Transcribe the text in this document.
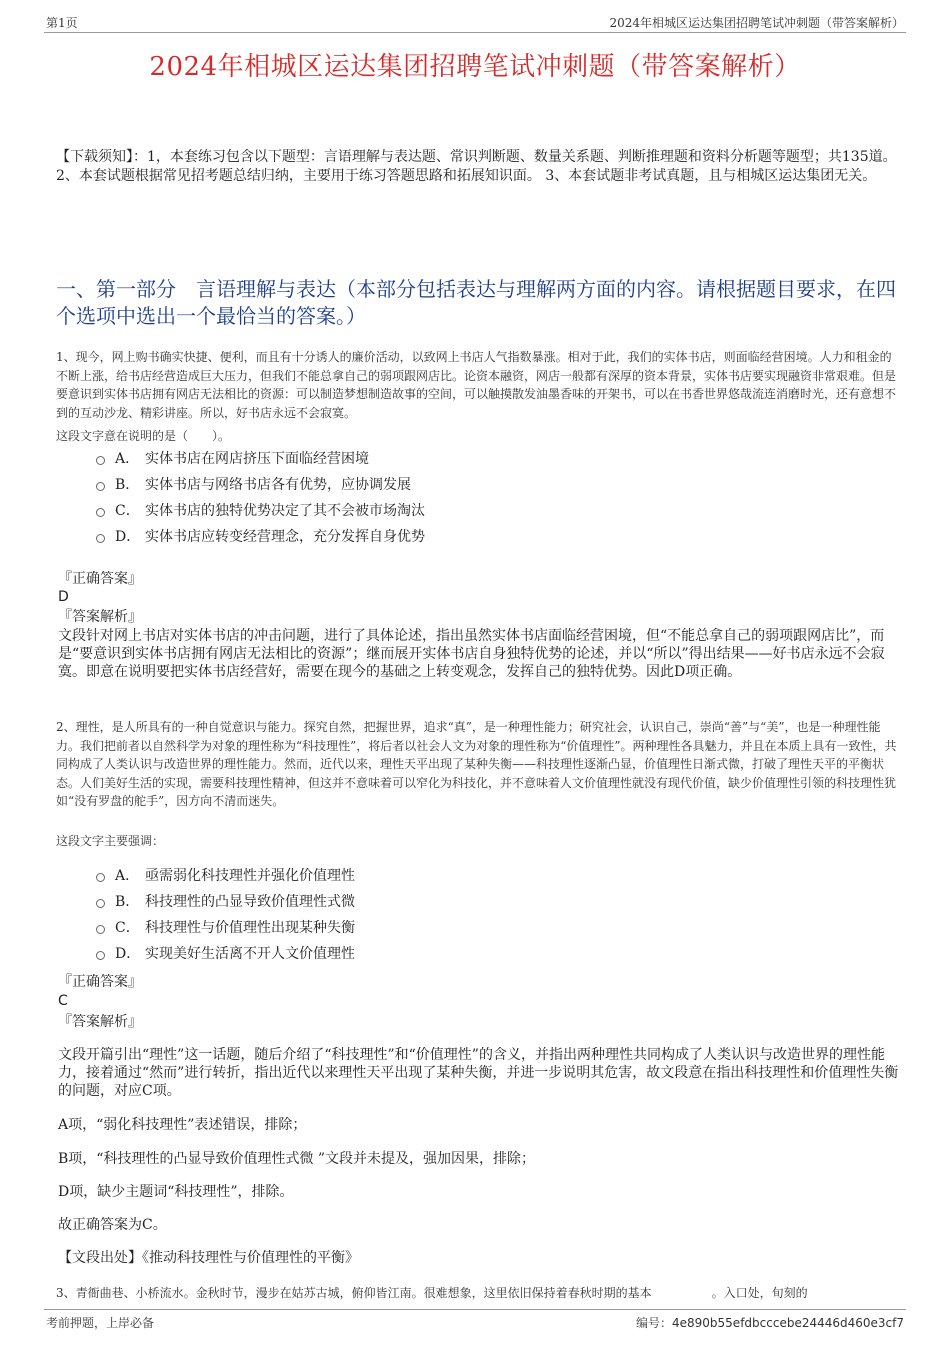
第1页	2024年相城区运达集团招聘笔试冲刺题（带答案解析）
2024年相城区运达集团招聘笔试冲刺题（带答案解析）
【下载须知】：1，本套练习包含以下题型：言语理解与表达题、常识判断题、数量关系题、判断推理题和资料分析题等题型；共135道。 2、本套试题根据常见招考题总结归纳，主要用于练习答题思路和拓展知识面。 3、本套试题非考试真题，且与相城区运达集团无关。
一、第一部分　言语理解与表达（本部分包括表达与理解两方面的内容。请根据题目要求，在四个选项中选出一个最恰当的答案。）
1、现今，网上购书确实快捷、便利，而且有十分诱人的廉价活动，以致网上书店人气指数暴涨。相对于此，我们的实体书店，则面临经营困境。人力和租金的不断上涨，给书店经营造成巨大压力，但我们不能总拿自己的弱项跟网店比。论资本融资，网店一般都有深厚的资本背景，实体书店要实现融资非常艰难。但是要意识到实体书店拥有网店无法相比的资源：可以制造梦想制造故事的空间，可以触摸散发油墨香味的开架书，可以在书香世界悠哉流连消磨时光，还有意想不到的互动沙龙、精彩讲座。所以，好书店永远不会寂寞。
这段文字意在说明的是（　　）。
A． 实体书店在网店挤压下面临经营困境
B． 实体书店与网络书店各有优势，应协调发展
C． 实体书店的独特优势决定了其不会被市场淘汰
D． 实体书店应转变经营理念，充分发挥自身优势
『正确答案』
D
『答案解析』
文段针对网上书店对实体书店的冲击问题，进行了具体论述，指出虽然实体书店面临经营困境，但“不能总拿自己的弱项跟网店比”，而是“要意识到实体书店拥有网店无法相比的资源”；继而展开实体书店自身独特优势的论述，并以“所以”得出结果——好书店永远不会寂寞。即意在说明要把实体书店经营好，需要在现今的基础之上转变观念，发挥自己的独特优势。因此D项正确。
2、理性，是人所具有的一种自觉意识与能力。探究自然，把握世界，追求“真”，是一种理性能力；研究社会，认识自己，崇尚“善”与“美”，也是一种理性能力。我们把前者以自然科学为对象的理性称为“科技理性”，将后者以社会人文为对象的理性称为“价值理性”。两种理性各具魅力，并且在本质上具有一致性，共同构成了人类认识与改造世界的理性能力。然而，近代以来，理性天平出现了某种失衡——科技理性逐渐凸显，价值理性日渐式微，打破了理性天平的平衡状态。人们美好生活的实现，需要科技理性精神，但这并不意味着可以窄化为科技化，并不意味着人文价值理性就没有现代价值，缺少价值理性引领的科技理性犹如“没有罗盘的舵手”，因方向不清而迷失。
这段文字主要强调：
A． 亟需弱化科技理性并强化价值理性
B． 科技理性的凸显导致价值理性式微
C． 科技理性与价值理性出现某种失衡
D． 实现美好生活离不开人文价值理性
『正确答案』
C
『答案解析』
文段开篇引出“理性”这一话题，随后介绍了“科技理性”和“价值理性”的含义，并指出两种理性共同构成了人类认识与改造世界的理性能力，接着通过“然而”进行转折，指出近代以来理性天平出现了某种失衡，并进一步说明其危害，故文段意在指出科技理性和价值理性失衡的问题，对应C项。
A项，“弱化科技理性”表述错误，排除；
B项，“科技理性的凸显导致价值理性式微 ”文段并未提及，强加因果，排除；
D项，缺少主题词“科技理性”，排除。
故正确答案为C。
【文段出处】《推动科技理性与价值理性的平衡》
3、青衙曲巷、小桥流水。金秋时节，漫步在姑苏古城，俯仰皆江南。很难想象，这里依旧保持着春秋时期的基本　　　　　。入口处，旬刻的
考前押题，上岸必备	编号：4e890b55efdbcccebe24446d460e3cf7
